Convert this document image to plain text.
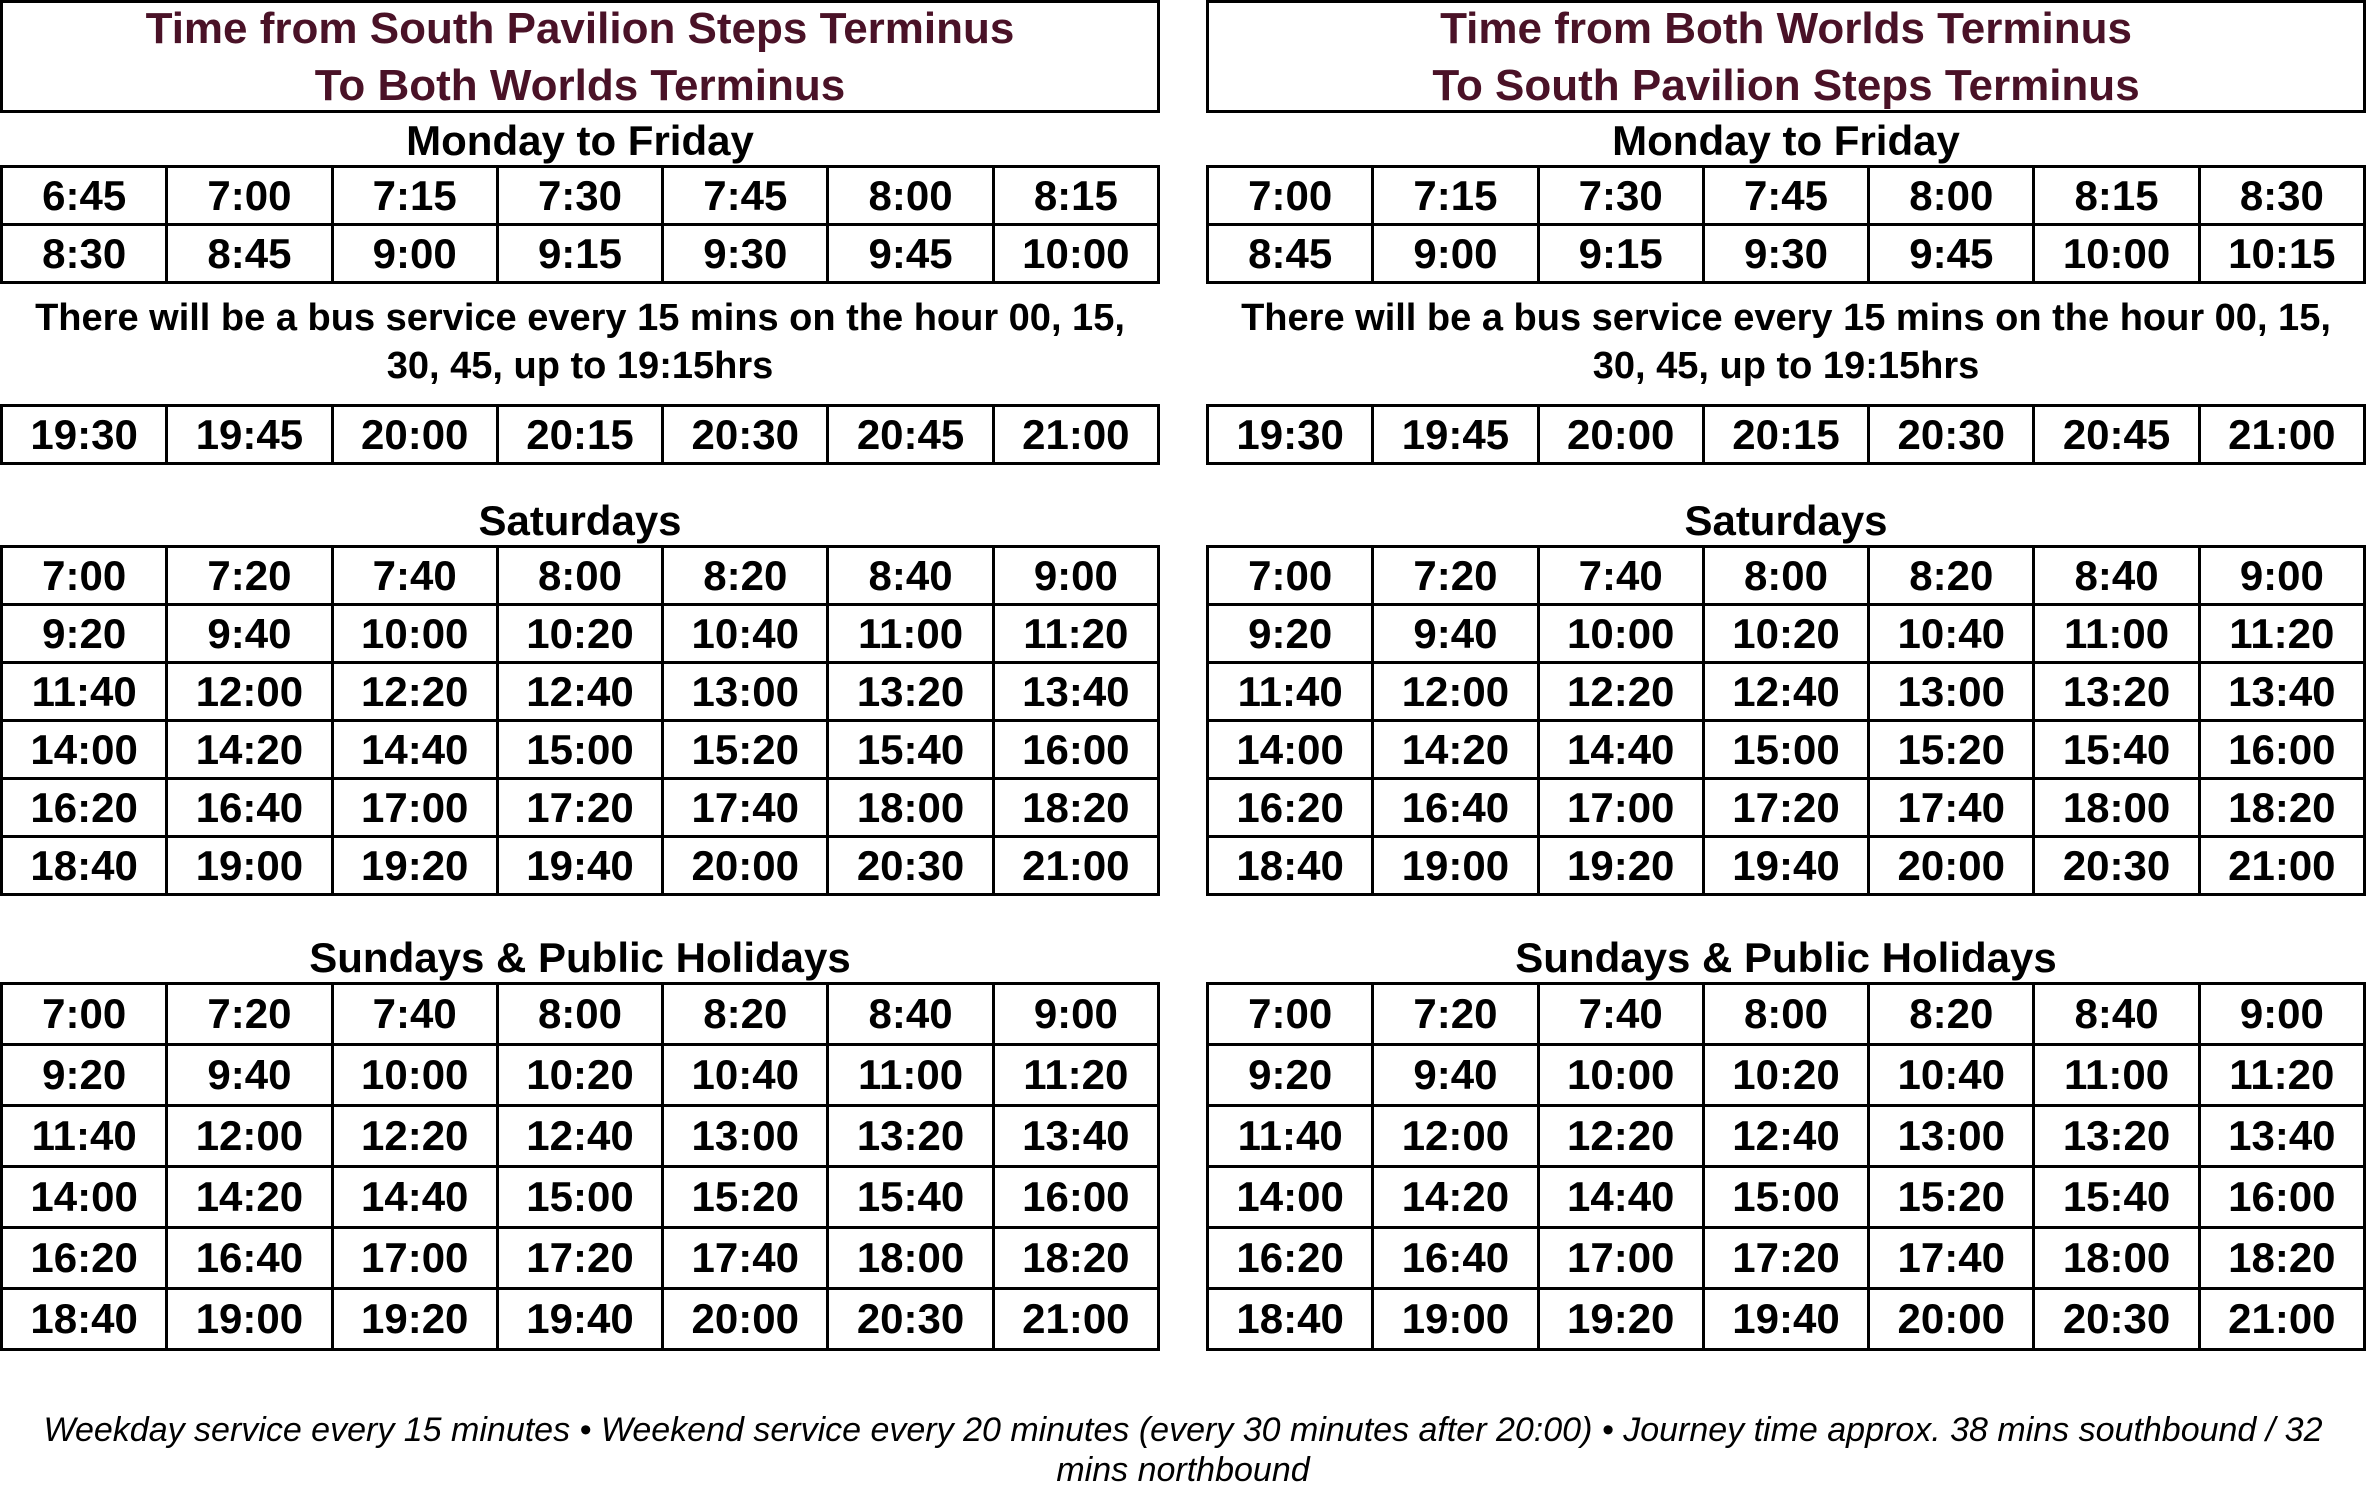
Time from South Pavilion Steps Terminus
To Both Worlds Terminus
Monday to Friday
6:45	7:00	7:15	7:30	7:45	8:00	8:15
8:30	8:45	9:00	9:15	9:30	9:45	10:00
There will be a bus service every 15 mins on the hour 00, 15, 30, 45, up to 19:15hrs
19:30	19:45	20:00	20:15	20:30	20:45	21:00
Saturdays
7:00	7:20	7:40	8:00	8:20	8:40	9:00
9:20	9:40	10:00	10:20	10:40	11:00	11:20
11:40	12:00	12:20	12:40	13:00	13:20	13:40
14:00	14:20	14:40	15:00	15:20	15:40	16:00
16:20	16:40	17:00	17:20	17:40	18:00	18:20
18:40	19:00	19:20	19:40	20:00	20:30	21:00
Sundays & Public Holidays
7:00	7:20	7:40	8:00	8:20	8:40	9:00
9:20	9:40	10:00	10:20	10:40	11:00	11:20
11:40	12:00	12:20	12:40	13:00	13:20	13:40
14:00	14:20	14:40	15:00	15:20	15:40	16:00
16:20	16:40	17:00	17:20	17:40	18:00	18:20
18:40	19:00	19:20	19:40	20:00	20:30	21:00
Time from Both Worlds Terminus
To South Pavilion Steps Terminus
Monday to Friday
7:00	7:15	7:30	7:45	8:00	8:15	8:30
8:45	9:00	9:15	9:30	9:45	10:00	10:15
There will be a bus service every 15 mins on the hour 00, 15, 30, 45, up to 19:15hrs
19:30	19:45	20:00	20:15	20:30	20:45	21:00
Saturdays
7:00	7:20	7:40	8:00	8:20	8:40	9:00
9:20	9:40	10:00	10:20	10:40	11:00	11:20
11:40	12:00	12:20	12:40	13:00	13:20	13:40
14:00	14:20	14:40	15:00	15:20	15:40	16:00
16:20	16:40	17:00	17:20	17:40	18:00	18:20
18:40	19:00	19:20	19:40	20:00	20:30	21:00
Sundays & Public Holidays
7:00	7:20	7:40	8:00	8:20	8:40	9:00
9:20	9:40	10:00	10:20	10:40	11:00	11:20
11:40	12:00	12:20	12:40	13:00	13:20	13:40
14:00	14:20	14:40	15:00	15:20	15:40	16:00
16:20	16:40	17:00	17:20	17:40	18:00	18:20
18:40	19:00	19:20	19:40	20:00	20:30	21:00
Weekday service every 15 minutes • Weekend service every 20 minutes (every 30 minutes after 20:00) • Journey time approx. 38 mins southbound / 32 mins northbound
